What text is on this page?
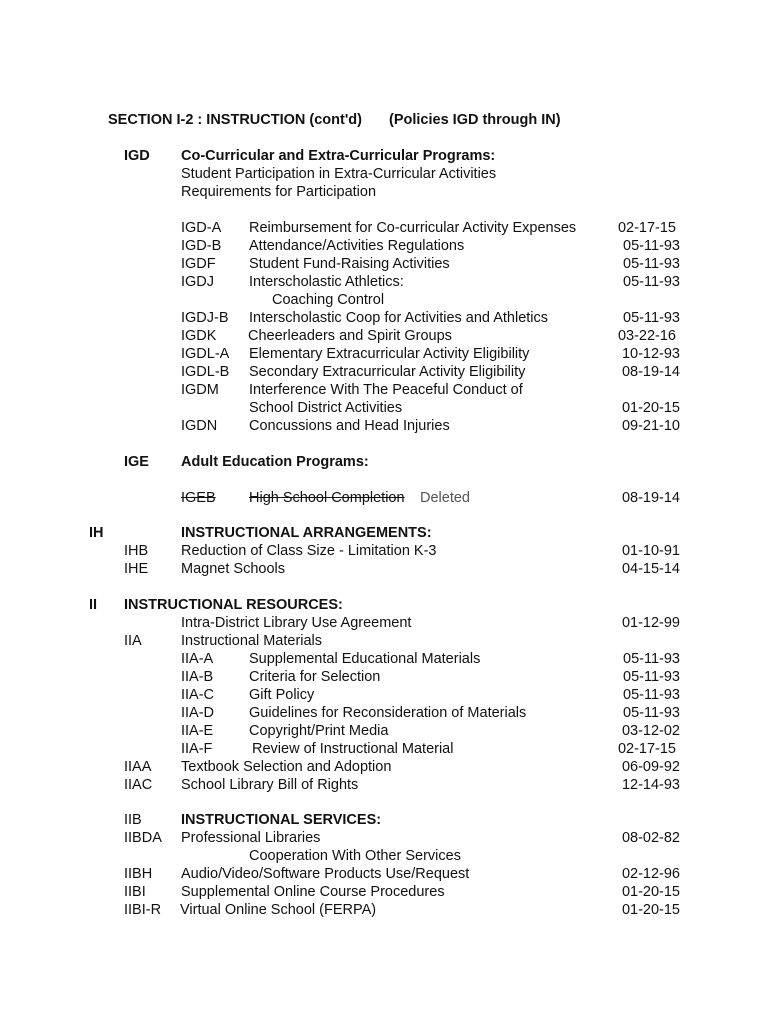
SECTION I-2 : INSTRUCTION (cont'd) (Policies IGD through IN)
IGD Co-Curricular and Extra-Curricular Programs:
Student Participation in Extra-Curricular Activities
Requirements for Participation
IGD-A Reimbursement for Co-curricular Activity Expenses	02-17-15
IGD-B Attendance/Activities Regulations	05-11-93
IGDF Student Fund-Raising Activities	05-11-93
IGDJ Interscholastic Athletics:	05-11-93
Coaching Control
IGDJ-B Interscholastic Coop for Activities and Athletics	05-11-93
IGDK Cheerleaders and Spirit Groups	03-22-16
IGDL-A Elementary Extracurricular Activity Eligibility	10-12-93
IGDL-B Secondary Extracurricular Activity Eligibility	08-19-14
IGDM Interference With The Peaceful Conduct of
School District Activities	01-20-15
IGDN Concussions and Head Injuries	09-21-10
IGE Adult Education Programs:
IGEB High School Completion Deleted	08-19-14
IH	INSTRUCTIONAL ARRANGEMENTS:
IHB Reduction of Class Size - Limitation K-3	01-10-91
IHE Magnet Schools	04-15-14
II INSTRUCTIONAL RESOURCES:
Intra-District Library Use Agreement	01-12-99
IIA	Instructional Materials
IIA-A Supplemental Educational Materials	05-11-93
IIA-B Criteria for Selection	05-11-93
IIA-C Gift Policy	05-11-93
IIA-D Guidelines for Reconsideration of Materials	05-11-93
IIA-E Copyright/Print Media	03-12-02
IIA-F	Review of Instructional Material	02-17-15
IIAA Textbook Selection and Adoption	06-09-92
IIAC School Library Bill of Rights	12-14-93
IIB	INSTRUCTIONAL SERVICES:
IIBDA Professional Libraries	08-02-82
Cooperation With Other Services
IIBH Audio/Video/Software Products Use/Request	02-12-96
IIBI Supplemental Online Course Procedures	01-20-15
IIBI-R Virtual Online School (FERPA)	01-20-15
